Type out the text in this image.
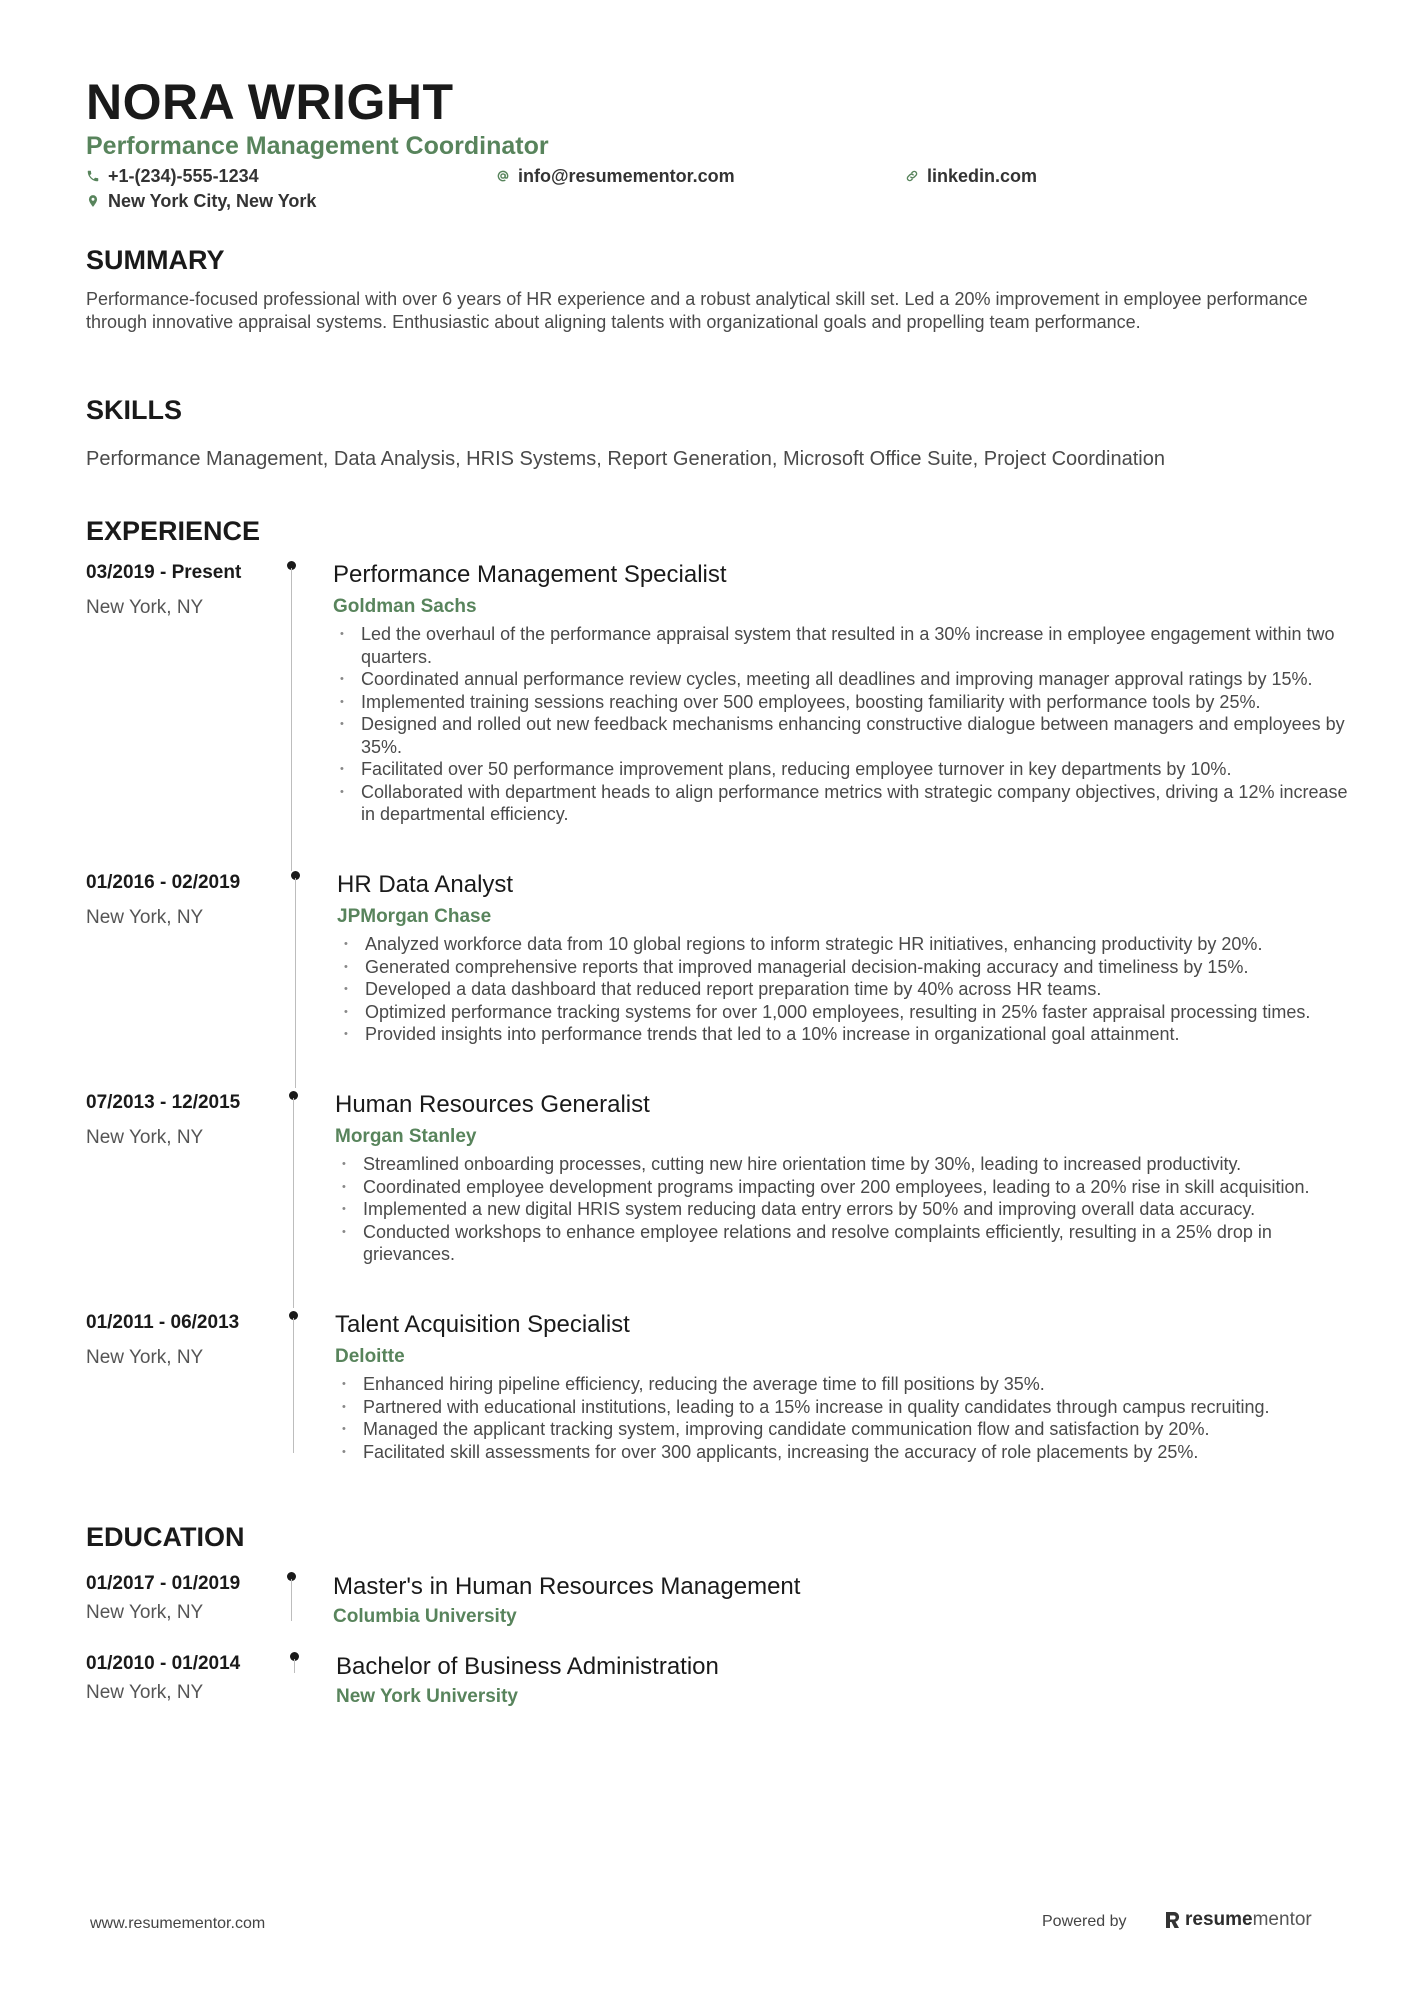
NORA WRIGHT
Performance Management Coordinator
+1-(234)-555-1234	info@resumementor.com	linkedin.com
New York City, New York
SUMMARY

Performance-focused professional with over 6 years of HR experience and a robust analytical skill set. Led a 20% improvement in employee performance through innovative appraisal systems. Enthusiastic about aligning talents with organizational goals and propelling team performance.

SKILLS

Performance Management, Data Analysis, HRIS Systems, Report Generation, Microsoft Office Suite, Project Coordination

EXPERIENCE
03/2019 - Present
New York, NY
Performance Management Specialist
Goldman Sachs
• Led the overhaul of the performance appraisal system that resulted in a 30% increase in employee engagement within two quarters.
• Coordinated annual performance review cycles, meeting all deadlines and improving manager approval ratings by 15%.
• Implemented training sessions reaching over 500 employees, boosting familiarity with performance tools by 25%.
• Designed and rolled out new feedback mechanisms enhancing constructive dialogue between managers and employees by 35%.
• Facilitated over 50 performance improvement plans, reducing employee turnover in key departments by 10%.
• Collaborated with department heads to align performance metrics with strategic company objectives, driving a 12% increase in departmental efficiency.
01/2016 - 02/2019
New York, NY
HR Data Analyst
JPMorgan Chase
• Analyzed workforce data from 10 global regions to inform strategic HR initiatives, enhancing productivity by 20%.
• Generated comprehensive reports that improved managerial decision-making accuracy and timeliness by 15%.
• Developed a data dashboard that reduced report preparation time by 40% across HR teams.
• Optimized performance tracking systems for over 1,000 employees, resulting in 25% faster appraisal processing times.
• Provided insights into performance trends that led to a 10% increase in organizational goal attainment.
07/2013 - 12/2015
New York, NY
Human Resources Generalist
Morgan Stanley
• Streamlined onboarding processes, cutting new hire orientation time by 30%, leading to increased productivity.
• Coordinated employee development programs impacting over 200 employees, leading to a 20% rise in skill acquisition.
• Implemented a new digital HRIS system reducing data entry errors by 50% and improving overall data accuracy.
• Conducted workshops to enhance employee relations and resolve complaints efficiently, resulting in a 25% drop in grievances.
01/2011 - 06/2013
New York, NY
Talent Acquisition Specialist
Deloitte
• Enhanced hiring pipeline efficiency, reducing the average time to fill positions by 35%.
• Partnered with educational institutions, leading to a 15% increase in quality candidates through campus recruiting.
• Managed the applicant tracking system, improving candidate communication flow and satisfaction by 20%.
• Facilitated skill assessments for over 300 applicants, increasing the accuracy of role placements by 25%.
EDUCATION
01/2017 - 01/2019
New York, NY
Master's in Human Resources Management
Columbia University
01/2010 - 01/2014
New York, NY
Bachelor of Business Administration
New York University
www.resumementor.com	Powered by	resume mentor
